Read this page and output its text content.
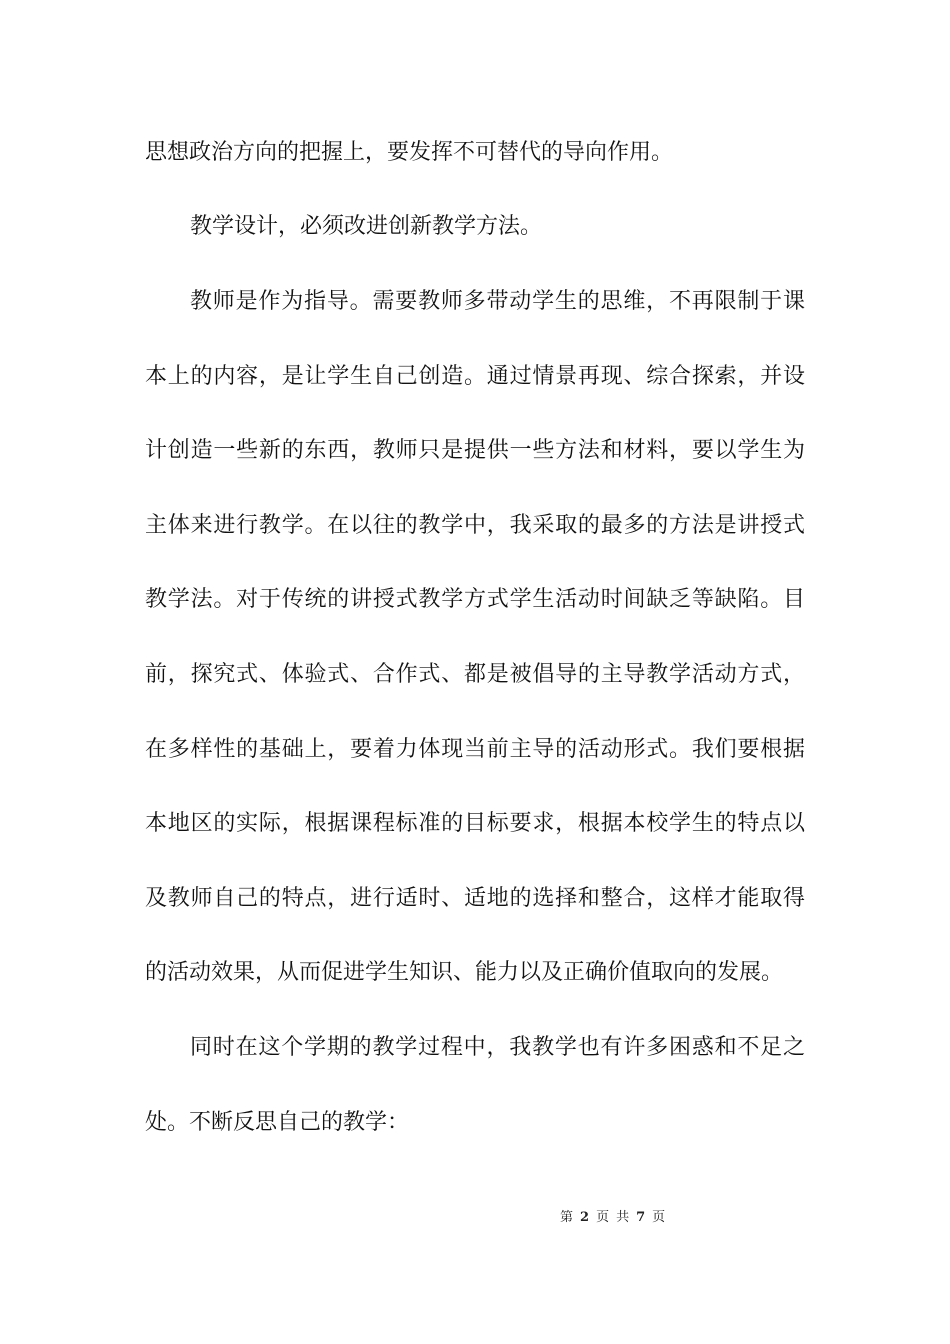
思想政治方向的把握上，要发挥不可替代的导向作用。
教学设计，必须改进创新教学方法。
教师是作为指导。需要教师多带动学生的思维，不再限制于课
本上的内容，是让学生自己创造。通过情景再现、综合探索，并设
计创造一些新的东西，教师只是提供一些方法和材料，要以学生为
主体来进行教学。在以往的教学中，我采取的最多的方法是讲授式
教学法。对于传统的讲授式教学方式学生活动时间缺乏等缺陷。目
前，探究式、体验式、合作式、都是被倡导的主导教学活动方式，
在多样性的基础上，要着力体现当前主导的活动形式。我们要根据
本地区的实际，根据课程标准的目标要求，根据本校学生的特点以
及教师自己的特点，进行适时、适地的选择和整合，这样才能取得
的活动效果，从而促进学生知识、能力以及正确价值取向的发展。
同时在这个学期的教学过程中，我教学也有许多困惑和不足之
处。不断反思自己的教学：
第 2 页 共 7 页
